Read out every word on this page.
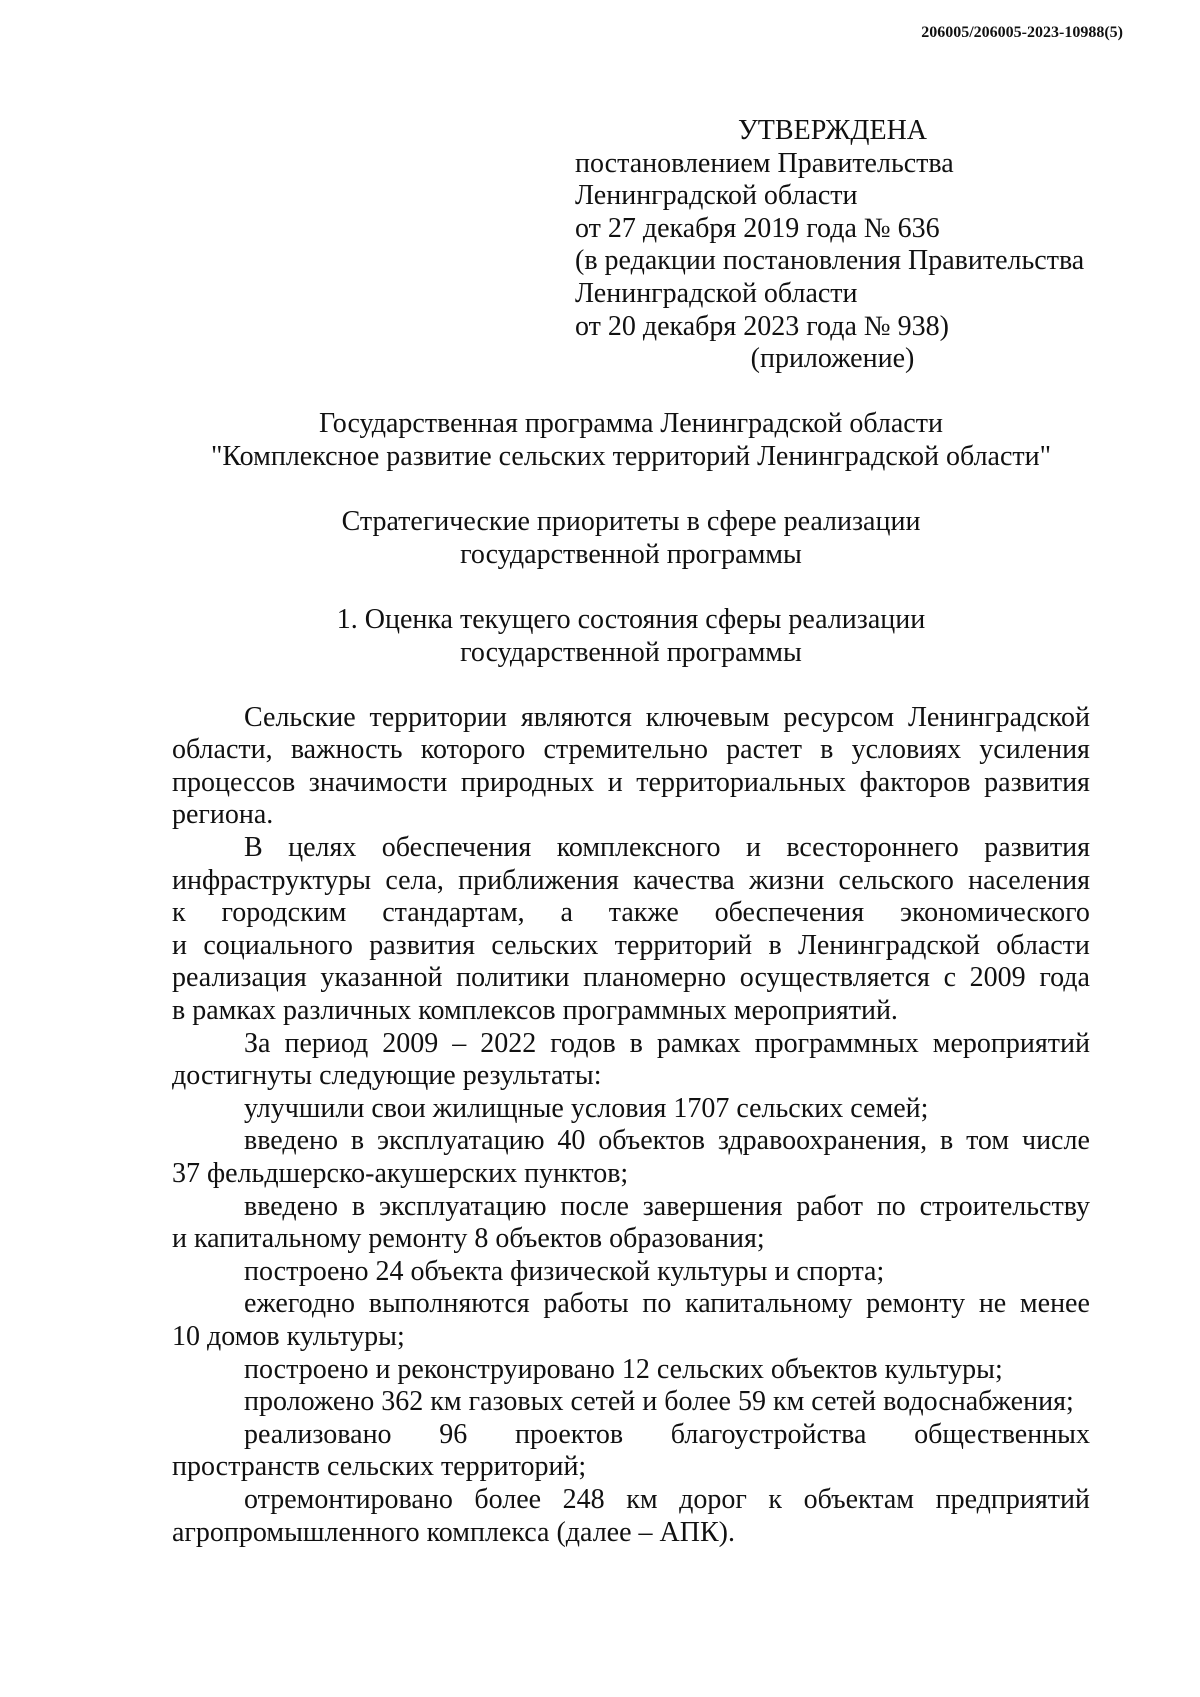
206005/206005-2023-10988(5)
УТВЕРЖДЕНА
постановлением Правительства
Ленинградской области
от 27 декабря 2019 года № 636
(в редакции постановления Правительства
Ленинградской области
от 20 декабря 2023 года № 938)
(приложение)
Государственная программа Ленинградской области
"Комплексное развитие сельских территорий Ленинградской области"
Стратегические приоритеты в сфере реализации
государственной программы
1. Оценка текущего состояния сферы реализации
государственной программы
Сельские территории являются ключевым ресурсом Ленинградской
области, важность которого стремительно растет в условиях усиления
процессов значимости природных и территориальных факторов развития
региона.
В целях обеспечения комплексного и всестороннего развития
инфраструктуры села, приближения качества жизни сельского населения
к городским стандартам, а также обеспечения экономического
и социального развития сельских территорий в Ленинградской области
реализация указанной политики планомерно осуществляется с 2009 года
в рамках различных комплексов программных мероприятий.
За период 2009 – 2022 годов в рамках программных мероприятий
достигнуты следующие результаты:
улучшили свои жилищные условия 1707 сельских семей;
введено в эксплуатацию 40 объектов здравоохранения, в том числе
37 фельдшерско-акушерских пунктов;
введено в эксплуатацию после завершения работ по строительству
и капитальному ремонту 8 объектов образования;
построено 24 объекта физической культуры и спорта;
ежегодно выполняются работы по капитальному ремонту не менее
10 домов культуры;
построено и реконструировано 12 сельских объектов культуры;
проложено 362 км газовых сетей и более 59 км сетей водоснабжения;
реализовано 96 проектов благоустройства общественных
пространств сельских территорий;
отремонтировано более 248 км дорог к объектам предприятий
агропромышленного комплекса (далее – АПК).
